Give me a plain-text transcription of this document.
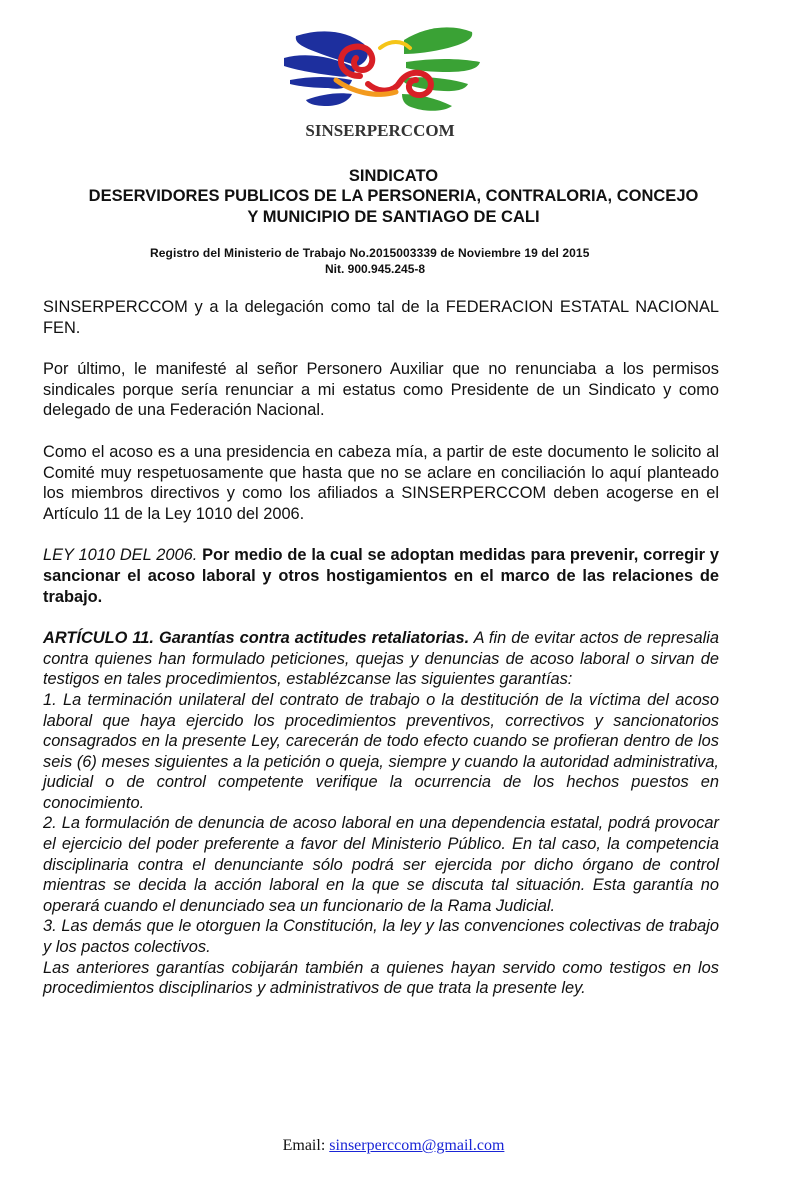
SINSERPERCCOM
SINDICATO
DESERVIDORES PUBLICOS DE LA PERSONERIA, CONTRALORIA, CONCEJO
Y MUNICIPIO DE SANTIAGO DE CALI
Registro del Ministerio de Trabajo No.2015003339 de Noviembre 19 del 2015
Nit. 900.945.245-8

SINSERPERCCOM y a la delegación como tal de la FEDERACION ESTATAL NACIONAL FEN.

Por último, le manifesté al señor Personero Auxiliar que no renunciaba a los permisos sindicales porque sería renunciar a mi estatus como Presidente de un Sindicato y como delegado de una Federación Nacional.

Como el acoso es a una presidencia en cabeza mía, a partir de este documento le solicito al Comité muy respetuosamente que hasta que no se aclare en conciliación lo aquí planteado los miembros directivos y como los afiliados a SINSERPERCCOM deben acogerse en el Artículo 11 de la Ley 1010 del 2006.

LEY 1010 DEL 2006. Por medio de la cual se adoptan medidas para prevenir, corregir y sancionar el acoso laboral y otros hostigamientos en el marco de las relaciones de trabajo.

ARTÍCULO 11. Garantías contra actitudes retaliatorias. A fin de evitar actos de represalia contra quienes han formulado peticiones, quejas y denuncias de acoso laboral o sirvan de testigos en tales procedimientos, establézcanse las siguientes garantías:

1. La terminación unilateral del contrato de trabajo o la destitución de la víctima del acoso laboral que haya ejercido los procedimientos preventivos, correctivos y sancionatorios consagrados en la presente Ley, carecerán de todo efecto cuando se profieran dentro de los seis (6) meses siguientes a la petición o queja, siempre y cuando la autoridad administrativa, judicial o de control competente verifique la ocurrencia de los hechos puestos en conocimiento.

2. La formulación de denuncia de acoso laboral en una dependencia estatal, podrá provocar el ejercicio del poder preferente a favor del Ministerio Público. En tal caso, la competencia disciplinaria contra el denunciante sólo podrá ser ejercida por dicho órgano de control mientras se decida la acción laboral en la que se discuta tal situación. Esta garantía no operará cuando el denunciado sea un funcionario de la Rama Judicial.

3. Las demás que le otorguen la Constitución, la ley y las convenciones colectivas de trabajo y los pactos colectivos.

Las anteriores garantías cobijarán también a quienes hayan servido como testigos en los procedimientos disciplinarios y administrativos de que trata la presente ley.

Email: sinserperccom@gmail.com
